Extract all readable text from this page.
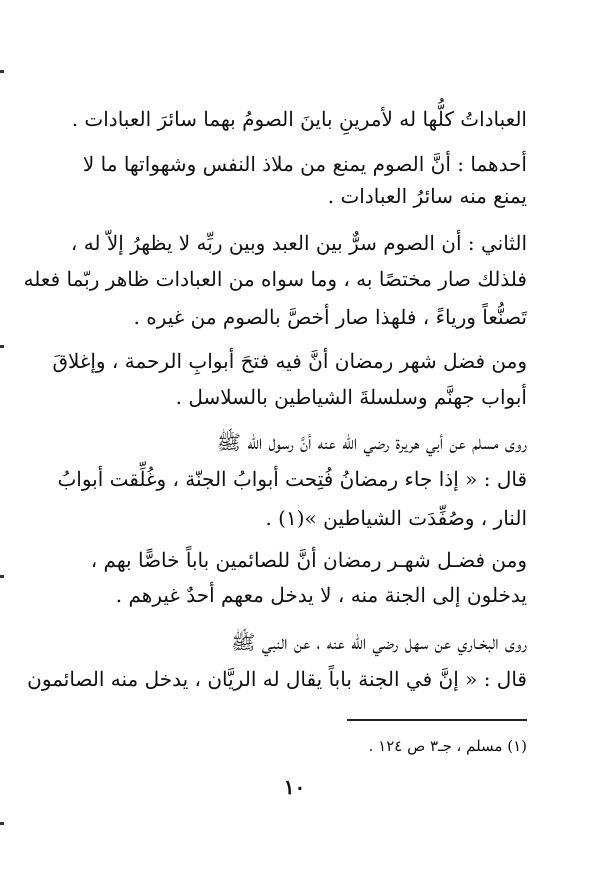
العباداتُ كلُّها له لأمرينِ باينَ الصومُ بهما سائرَ العبادات .
أحدهما : أنَّ الصوم يمنع من ملاذ النفس وشهواتها ما لا
يمنع منه سائرُ العبادات .
الثاني : أن الصوم سرٌّ بين العبد وبين ربِّه لا يظهرُ إلاّ له ،
فلذلك صار مختصًا به ، وما سواه من العبادات ظاهر ربّما فعله
تَصنُّعاً ورياءً ، فلهذا صار أخصَّ بالصوم من غيره .
ومن فضل شهر رمضان أنَّ فيه فتحَ أبوابِ الرحمة ، وإغلاقَ
أبواب جهنَّم وسلسلةَ الشياطين بالسلاسل .
روى مسلم عن أبي هريرة رضي الله عنه أنَّ رسول الله ﷺ
قال : « إذا جاء رمضانُ فُتِحت أبوابُ الجنّة ، وغُلِّقت أبوابُ
النار ، وصُفِّدَت الشياطين »(١) .
ومن فضـل شهـر رمضان أنَّ للصائمين باباً خاصًّا بهم ،
يدخلون إلى الجنة منه ، لا يدخل معهم أحدٌ غيرهم .
روى البخـاري عن سهل رضي الله عنه ، عن النبي ﷺ
قال : « إنَّ في الجنة باباً يقال له الريَّان ، يدخل منه الصائمون
(١) مسلم ، جـ٣ ص ١٢٤ .
١٠
